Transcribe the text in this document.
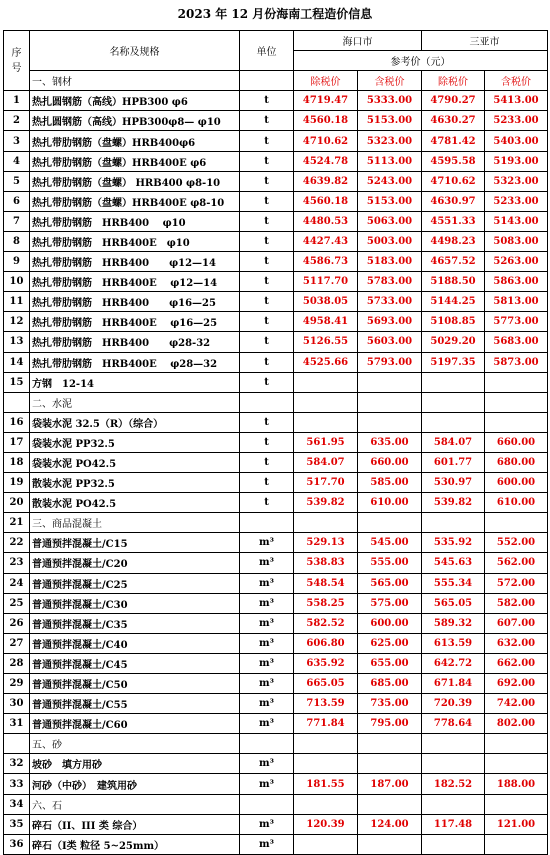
2023 年 12 月份海南工程造价信息
序
号	名称及规格	单位	海口市		三亚市	
			参考价（元）			
	一、钢材		除税价	含税价	除税价	含税价
1	热扎圆钢筋（高线）HPB300 φ6	t	4719.47	5333.00	4790.27	5413.00
2	热扎圆钢筋（高线）HPB300φ8— φ10	t	4560.18	5153.00	4630.27	5233.00
3	热扎带肋钢筋（盘螺）HRB400φ6	t	4710.62	5323.00	4781.42	5403.00
4	热扎带肋钢筋（盘螺）HRB400E φ6	t	4524.78	5113.00	4595.58	5193.00
5	热扎带肋钢筋（盘螺） HRB400 φ8-10	t	4639.82	5243.00	4710.62	5323.00
6	热扎带肋钢筋（盘螺）HRB400E φ8-10	t	4560.18	5153.00	4630.97	5233.00
7	热扎带肋钢筋　HRB400　 φ10	t	4480.53	5063.00	4551.33	5143.00
8	热扎带肋钢筋　HRB400E　φ10	t	4427.43	5003.00	4498.23	5083.00
9	热扎带肋钢筋　HRB400　　φ12—14	t	4586.73	5183.00	4657.52	5263.00
10	热扎带肋钢筋　HRB400E　 φ12—14	t	5117.70	5783.00	5188.50	5863.00
11	热扎带肋钢筋　HRB400　　φ16—25	t	5038.05	5733.00	5144.25	5813.00
12	热扎带肋钢筋　HRB400E　 φ16—25	t	4958.41	5693.00	5108.85	5773.00
13	热扎带肋钢筋　HRB400　　φ28-32	t	5126.55	5603.00	5029.20	5683.00
14	热扎带肋钢筋　HRB400E　 φ28—32	t	4525.66	5793.00	5197.35	5873.00
15	方钢　12-14	t				
	二、水泥					
16	袋装水泥 32.5（R）（综合）	t				
17	袋装水泥 PP32.5	t	561.95	635.00	584.07	660.00
18	袋装水泥 PO42.5	t	584.07	660.00	601.77	680.00
19	散装水泥 PP32.5	t	517.70	585.00	530.97	600.00
20	散装水泥 PO42.5	t	539.82	610.00	539.82	610.00
21	三、商品混凝土					
22	普通预拌混凝土/C15	m³	529.13	545.00	535.92	552.00
23	普通预拌混凝土/C20	m³	538.83	555.00	545.63	562.00
24	普通预拌混凝土/C25	m³	548.54	565.00	555.34	572.00
25	普通预拌混凝土/C30	m³	558.25	575.00	565.05	582.00
26	普通预拌混凝土/C35	m³	582.52	600.00	589.32	607.00
27	普通预拌混凝土/C40	m³	606.80	625.00	613.59	632.00
28	普通预拌混凝土/C45	m³	635.92	655.00	642.72	662.00
29	普通预拌混凝土/C50	m³	665.05	685.00	671.84	692.00
30	普通预拌混凝土/C55	m³	713.59	735.00	720.39	742.00
31	普通预拌混凝土/C60	m³	771.84	795.00	778.64	802.00
	五、砂					
32	坡砂　填方用砂	m³				
33	河砂（中砂）　建筑用砂	m³	181.55	187.00	182.52	188.00
34	六、石					
35	碎石（II、III 类 综合）	m³	120.39	124.00	117.48	121.00
36	碎石（I类 粒径 5~25mm）	m³				
